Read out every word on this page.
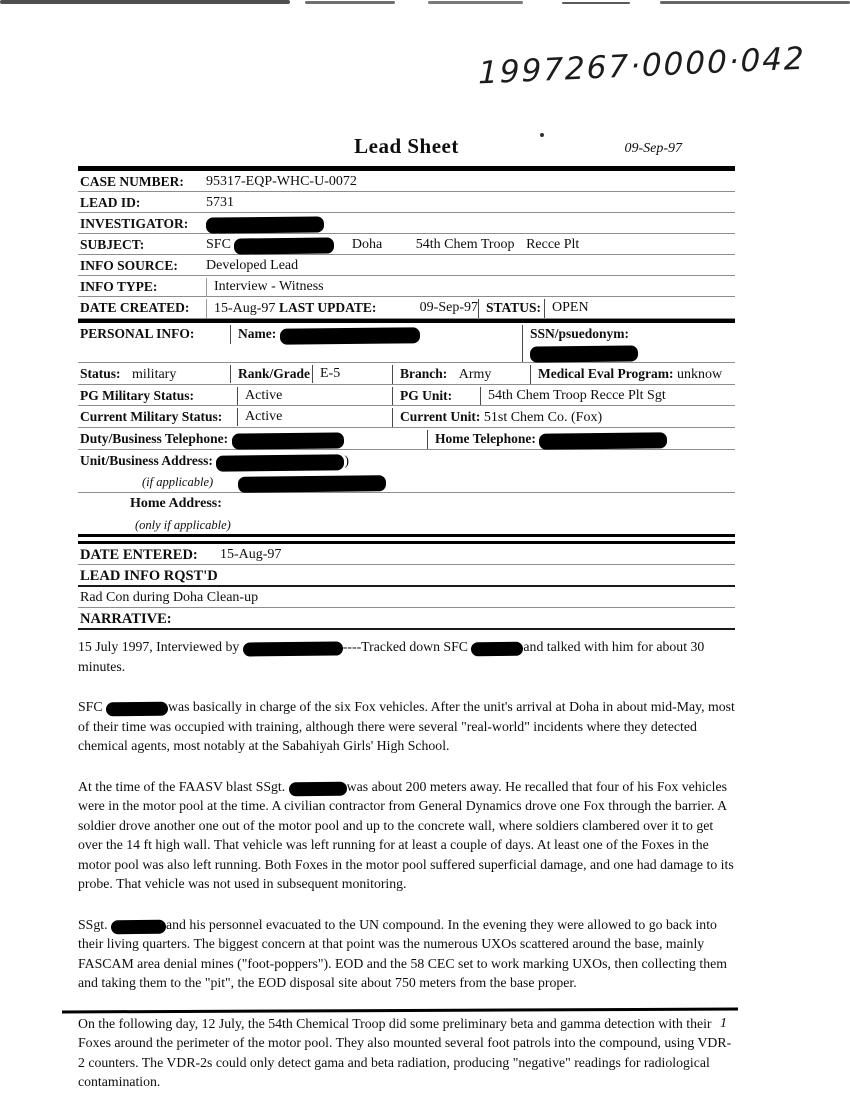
1997267·0000·042
Lead Sheet	09-Sep-97
CASE NUMBER:	95317-EQP-WHC-U-0072
LEAD ID:	5731
INVESTIGATOR:
SUBJECT:	SFC	Doha 54th Chem Troop Recce Plt
INFO SOURCE:	Developed Lead
INFO TYPE:	Interview - Witness
DATE CREATED:	15-Aug-97 LAST UPDATE:	09-Sep-97 STATUS: OPEN
PERSONAL INFO:	Name:	SSN/psuedonym:
Status: military	Rank/Grade E-5	Branch: Army	Medical Eval Program: unknow
PG Military Status:	Active	PG Unit:	54th Chem Troop Recce Plt Sgt
Current Military Status:	Active	Current Unit: 51st Chem Co. (Fox)
Duty/Business Telephone:	Home Telephone:
Unit/Business Address:	)
(if applicable)
Home Address:
(only if applicable)
DATE ENTERED:	15-Aug-97
LEAD INFO RQST'D
Rad Con during Doha Clean-up
NARRATIVE:

15 July 1997, Interviewed by	----Tracked down SFC	and talked with him for about 30 minutes.

SFC	was basically in charge of the six Fox vehicles. After the unit's arrival at Doha in about mid-May, most of their time was occupied with training, although there were several "real-world" incidents where they detected chemical agents, most notably at the Sabahiyah Girls' High School.

At the time of the FAASV blast SSgt.	was about 200 meters away. He recalled that four of his Fox vehicles were in the motor pool at the time. A civilian contractor from General Dynamics drove one Fox through the barrier. A soldier drove another one out of the motor pool and up to the concrete wall, where soldiers clambered over it to get over the 14 ft high wall. That vehicle was left running for at least a couple of days. At least one of the Foxes in the motor pool was also left running. Both Foxes in the motor pool suffered superficial damage, and one had damage to its probe. That vehicle was not used in subsequent monitoring.

SSgt.	and his personnel evacuated to the UN compound. In the evening they were allowed to go back into their living quarters. The biggest concern at that point was the numerous UXOs scattered around the base, mainly FASCAM area denial mines ("foot-poppers"). EOD and the 58 CEC set to work marking UXOs, then collecting them and taking them to the "pit", the EOD disposal site about 750 meters from the base proper.

On the following day, 12 July, the 54th Chemical Troop did some preliminary beta and gamma detection with their Foxes around the perimeter of the motor pool. They also mounted several foot patrols into the compound, using VDR-2 counters. The VDR-2s could only detect gama and beta radiation, producing "negative" readings for radiological contamination.

1
